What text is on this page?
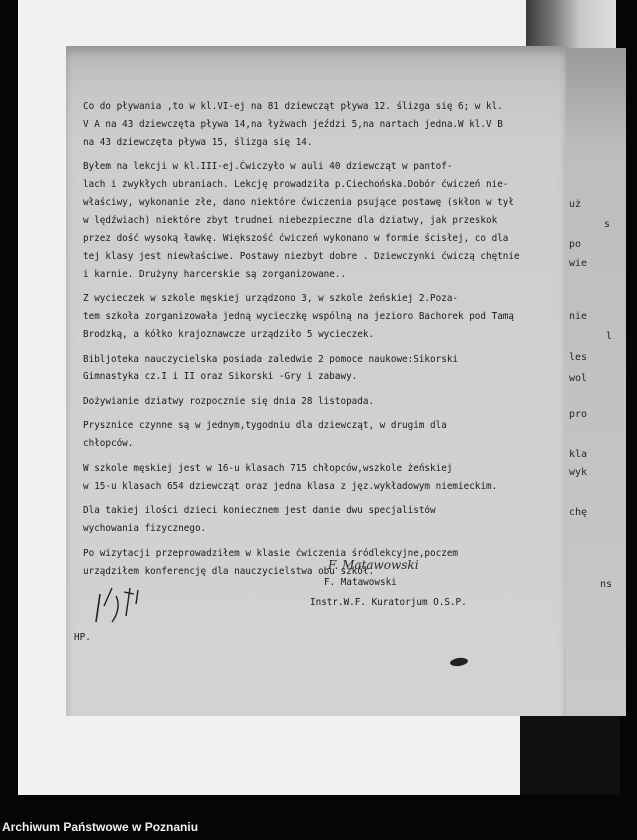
uż
s
po
wie
nie
l
les
wol
pro
kla
wyk
chę
ns
Co do pływania ,to w kl.VI-ej na 81 dziewcząt pływa 12. ślizga się 6; w kl.
V A na 43 dziewczęta pływa 14,na łyżwach jeździ 5,na nartach jedna.W kl.V B
na 43 dziewczęta pływa 15, ślizga się 14.
Byłem na lekcji w kl.III-ej.Ćwiczyło w auli 40 dziewcząt w pantof-
lach i zwykłych ubraniach. Lekcję prowadziła p.Ciechońska.Dobór ćwiczeń nie-
właściwy, wykonanie złe, dano niektóre ćwiczenia psujące postawę (skłon w tył
w lędźwiach) niektóre zbyt trudnei niebezpieczne dla dziatwy, jak przeskok
przez dość wysoką ławkę. Większość ćwiczeń wykonano w formie ścisłej, co dla
tej klasy jest niewłaściwe. Postawy niezbyt dobre . Dziewczynki ćwiczą chętnie
i karnie. Drużyny harcerskie są zorganizowane..
Z wycieczek w szkole męskiej urządzono 3, w szkole żeńskiej 2.Poza-
tem szkoła zorganizowała jedną wycieczkę wspólną na jezioro Bachorek pod Tamą
Brodzką, a kółko krajoznawcze urządziło 5 wycieczek.
Bibljoteka nauczycielska posiada zaledwie 2 pomoce naukowe:Sikorski
Gimnastyka cz.I i II oraz Sikorski -Gry i zabawy.
Dożywianie dziatwy rozpocznie się dnia 28 listopada.
Prysznice czynne są w jednym,tygodniu dla dziewcząt, w drugim dla
chłopców.
W szkole męskiej jest w 16-u klasach 715 chłopców,wszkole żeńskiej
w 15-u klasach 654 dziewcząt oraz jedna klasa z jęz.wykładowym niemieckim.
Dla takiej ilości dzieci koniecznem jest danie dwu specjalistów
wychowania fizycznego.
Po wizytacji przeprowadziłem w klasie ćwiczenia śródlekcyjne,poczem
urządziłem konferencję dla nauczycielstwa obu szkół.
F. Matawowski
F. Matawowski
Instr.W.F. Kuratorjum O.S.P.
HP.
Archiwum Państwowe w Poznaniu
